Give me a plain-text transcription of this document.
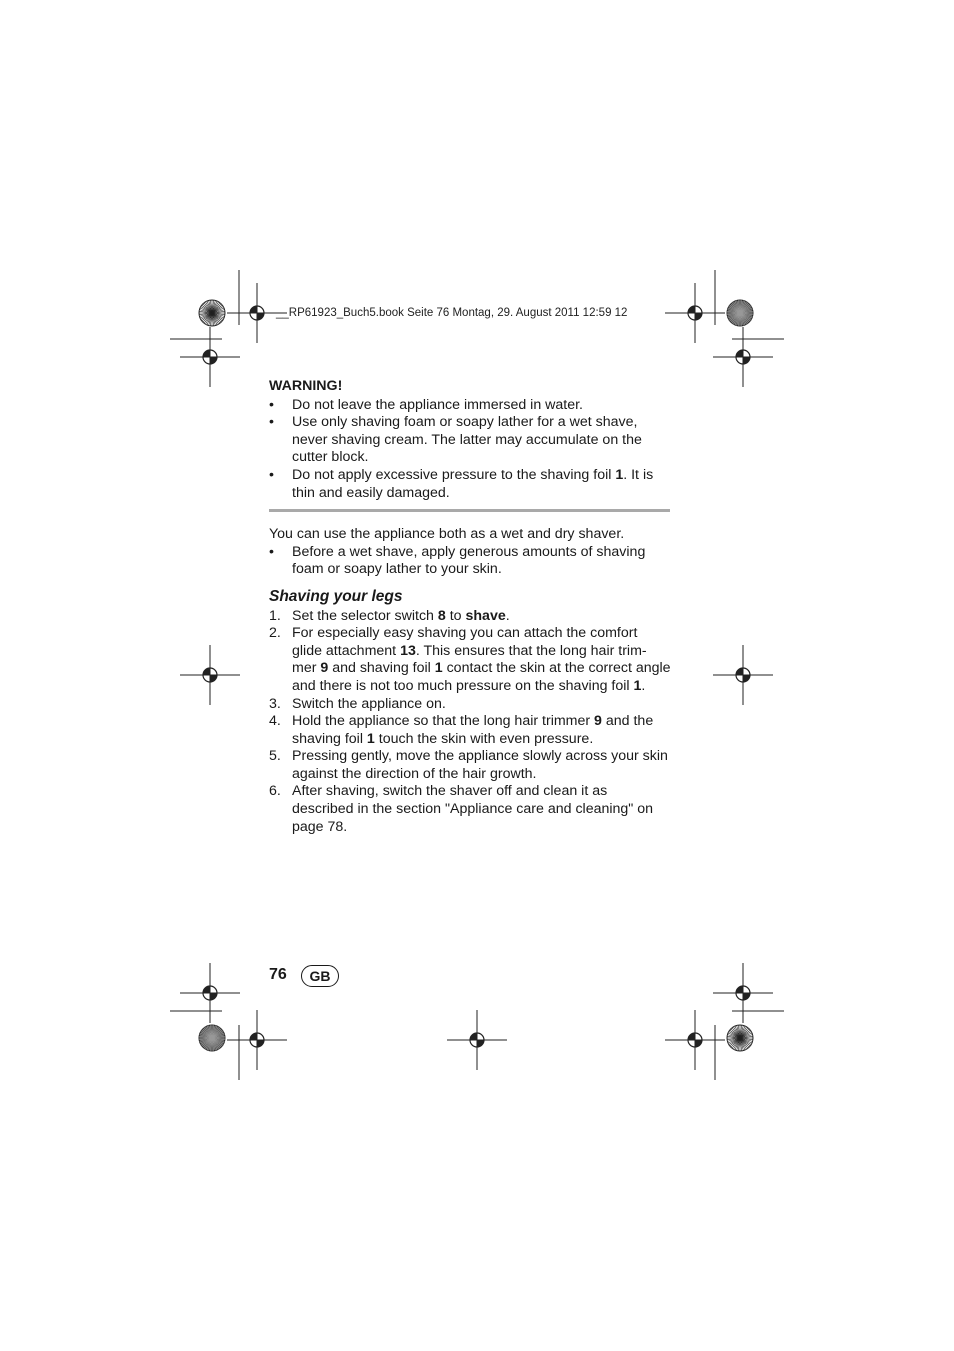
__RP61923_Buch5.book Seite 76 Montag, 29. August 2011 12:59 12
WARNING!
• Do not leave the appliance immersed in water.
• Use only shaving foam or soapy lather for a wet shave, never shaving cream. The latter may accumulate on the cutter block.
• Do not apply excessive pressure to the shaving foil 1. It is thin and easily damaged.
You can use the appliance both as a wet and dry shaver.
• Before a wet shave, apply generous amounts of shaving foam or soapy lather to your skin.
Shaving your legs
1. Set the selector switch 8 to shave.
2. For especially easy shaving you can attach the comfort glide attachment 13. This ensures that the long hair trim-mer 9 and shaving foil 1 contact the skin at the correct angle and there is not too much pressure on the shaving foil 1.
3. Switch the appliance on.
4. Hold the appliance so that the long hair trimmer 9 and the shaving foil 1 touch the skin with even pressure.
5. Pressing gently, move the appliance slowly across your skin against the direction of the hair growth.
6. After shaving, switch the shaver off and clean it as described in the section "Appliance care and cleaning" on page 78.
76	GB
